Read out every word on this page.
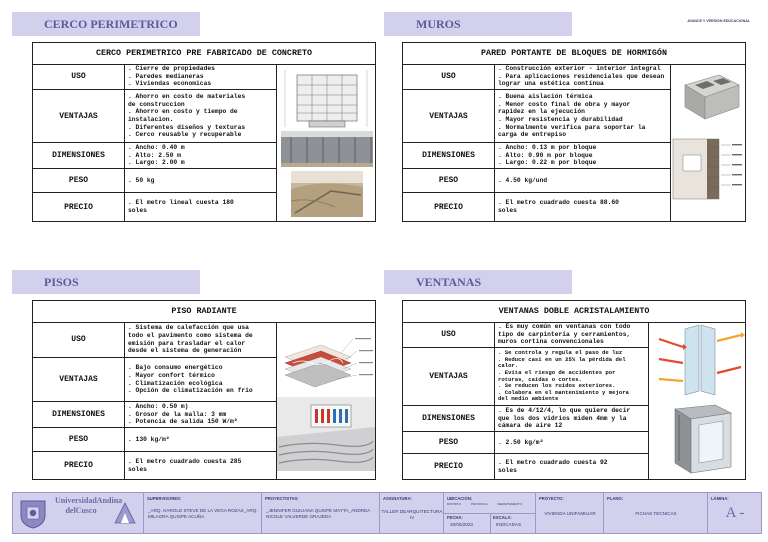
AVANCE Y VERSIÓN EDUCACIONAL
CERCO PERIMETRICO
CERCO PERIMETRICO PRE FABRICADO DE CONCRETO
USO
. Cierre de propiedades
. Paredes medianeras
. Viviendas economicas
VENTAJAS
. Ahorro en costo de materiales
de construccion
. Ahorro en costo y tiempo de
instalacion.
. Diferentes diseños y texturas
. Cerco reusable y recuperable
DIMENSIONES
. Ancho: 0.40 m
. Alto: 2.50 m
. Largo: 2.00 m
PESO	. 50 kg
PRECIO	. El metro lineal cuesta 180
soles
MUROS
PARED PORTANTE DE BLOQUES DE HORMIGÓN
USO
. Construcción exterior - interior integral
. Para aplicaciones residenciales que desean
lograr una estética contínua
VENTAJAS
. Buena aislación térmica
. Menor costo final de obra y mayor
rapidez en la ejecución
. Mayor resistencia y durabilidad
. Normalmente verifica para soportar la
carga de entrepiso
DIMENSIONES
. Ancho: 0.13 m por bloque
. Alto: 0.90 m por bloque
. Largo: 0.22 m por bloque
PESO	. 4.50 kg/und
PRECIO	. El metro cuadrado cuesta 88.60
soles
PISOS
PISO RADIANTE
USO
. Sistema de calefacción que usa
todo el pavimento como sistema de
emisión para trasladar el calor
desde el sistema de generación
VENTAJAS
. Bajo consumo energético
. Mayor confort térmico
. Climatización ecológica
. Opción de climatización en frío
DIMENSIONES
. Ancho: 0.50 m)
. Grosor de la malla: 3 mm
. Potencia de salida 150 W/m²
PESO	. 130 kg/m²
PRECIO	. El metro cuadrado cuesta 285
soles
VENTANAS
VENTANAS DOBLE ACRISTALAMIENTO
USO
. Es muy común en ventanas con todo
tipo de carpintería y cerramientos,
muros cortina convencionales
VENTAJAS
. Se controla y regula el paso de luz
. Reduce casi en un 25% la pérdida del
calor.
. Evita el riesgo de accidentes por
roturas, caídas o cortes.
. Se reducen los ruidos exteriores.
. Colabora en el mantenimiento y mejora
del medio ambiente
DIMENSIONES
. Es de 4/12/4, lo que quiere decir
que los dos vidrios miden 4mm y la
cámara de aire 12
PESO	. 2.50 kg/m²
PRECIO	. El metro cuadrado cuesta 92
soles
UniversidadAndina delCusco
SUPERVISORES:
_ARQ. HAROLD STEVE DE LA VEGA ROZAS_ARQ. MILAGRA QUISPE ACUÑA
PROYECTISTAS:
_JENNIFER GUILIANA QUISPE MAYTA_ANDREA NICOLE VALVERDE GRAJEDA
ASIGNATURA:
TALLER DEARQUITECTURA IV
UBICACIÓN:
DISTRITO	PROVINCIA	DEPARTAMENTO
FECHA:
26/05/2023
ESCALA:
INDICADAS
PROYECTO:
VIVIENDA UNIFAMILIAR
PLANO:
FICHAS TECNICAS
LÁMINA:
A -
